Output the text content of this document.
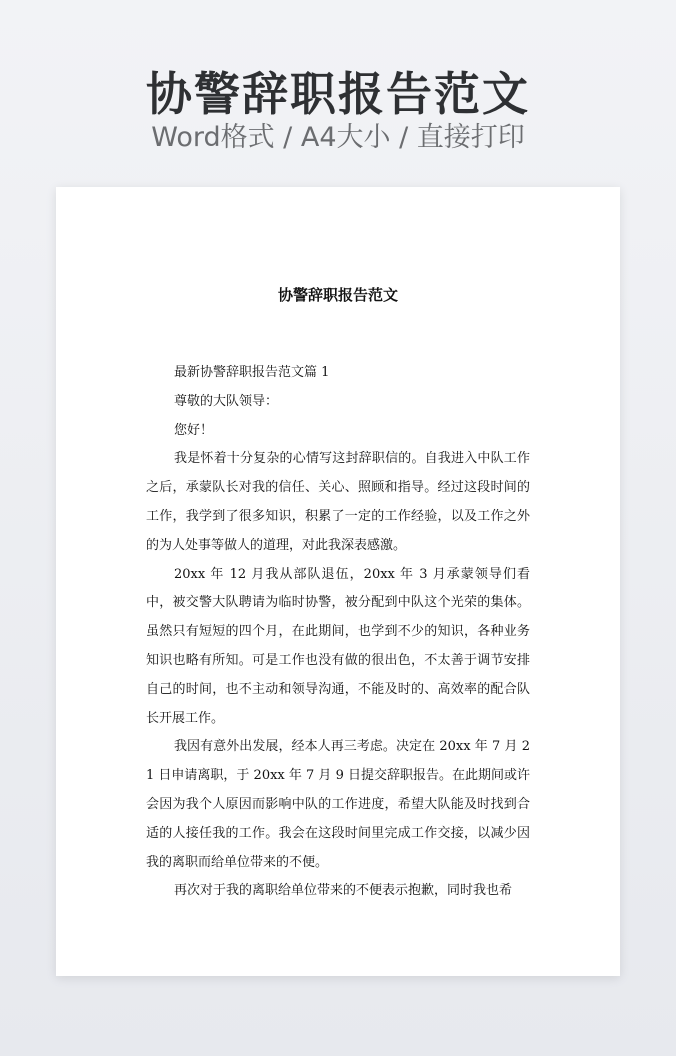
协警辞职报告范文
Word格式 / A4大小 / 直接打印
协警辞职报告范文

最新协警辞职报告范文篇 1

尊敬的大队领导：

您好！

我是怀着十分复杂的心情写这封辞职信的。自我进入中队工作之后，承蒙队长对我的信任、关心、照顾和指导。经过这段时间的工作，我学到了很多知识，积累了一定的工作经验，以及工作之外的为人处事等做人的道理，对此我深表感激。

20xx 年 12 月我从部队退伍，20xx 年 3 月承蒙领导们看中，被交警大队聘请为临时协警，被分配到中队这个光荣的集体。虽然只有短短的四个月，在此期间，也学到不少的知识，各种业务知识也略有所知。可是工作也没有做的很出色，不太善于调节安排自己的时间，也不主动和领导沟通，不能及时的、高效率的配合队长开展工作。

我因有意外出发展，经本人再三考虑。决定在 20xx 年 7 月 21 日申请离职，于 20xx 年 7 月 9 日提交辞职报告。在此期间或许会因为我个人原因而影响中队的工作进度，希望大队能及时找到合适的人接任我的工作。我会在这段时间里完成工作交接，以减少因我的离职而给单位带来的不便。

再次对于我的离职给单位带来的不便表示抱歉，同时我也希
